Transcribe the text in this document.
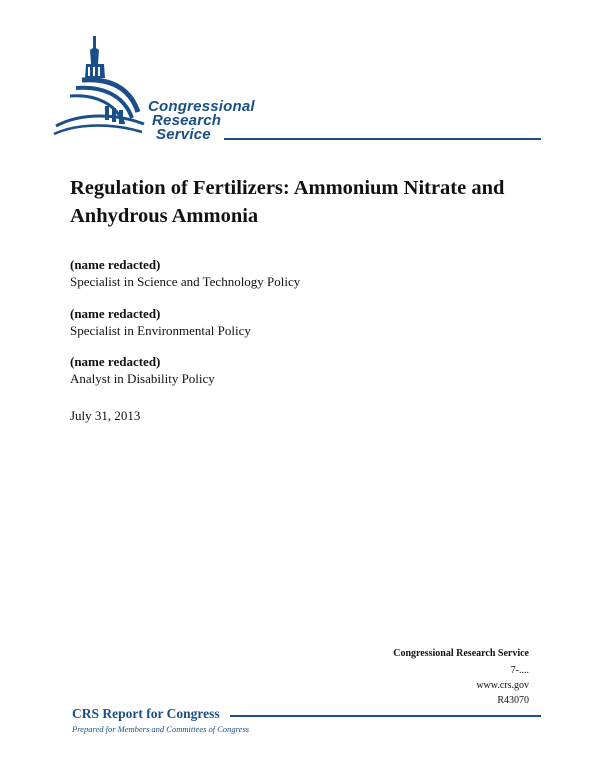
Congressional
Research
Service
Regulation of Fertilizers: Ammonium Nitrate and Anhydrous Ammonia
(name redacted)
Specialist in Science and Technology Policy
(name redacted)
Specialist in Environmental Policy
(name redacted)
Analyst in Disability Policy
July 31, 2013
Congressional Research Service
7-....
www.crs.gov
R43070
CRS Report for Congress
Prepared for Members and Committees of Congress
